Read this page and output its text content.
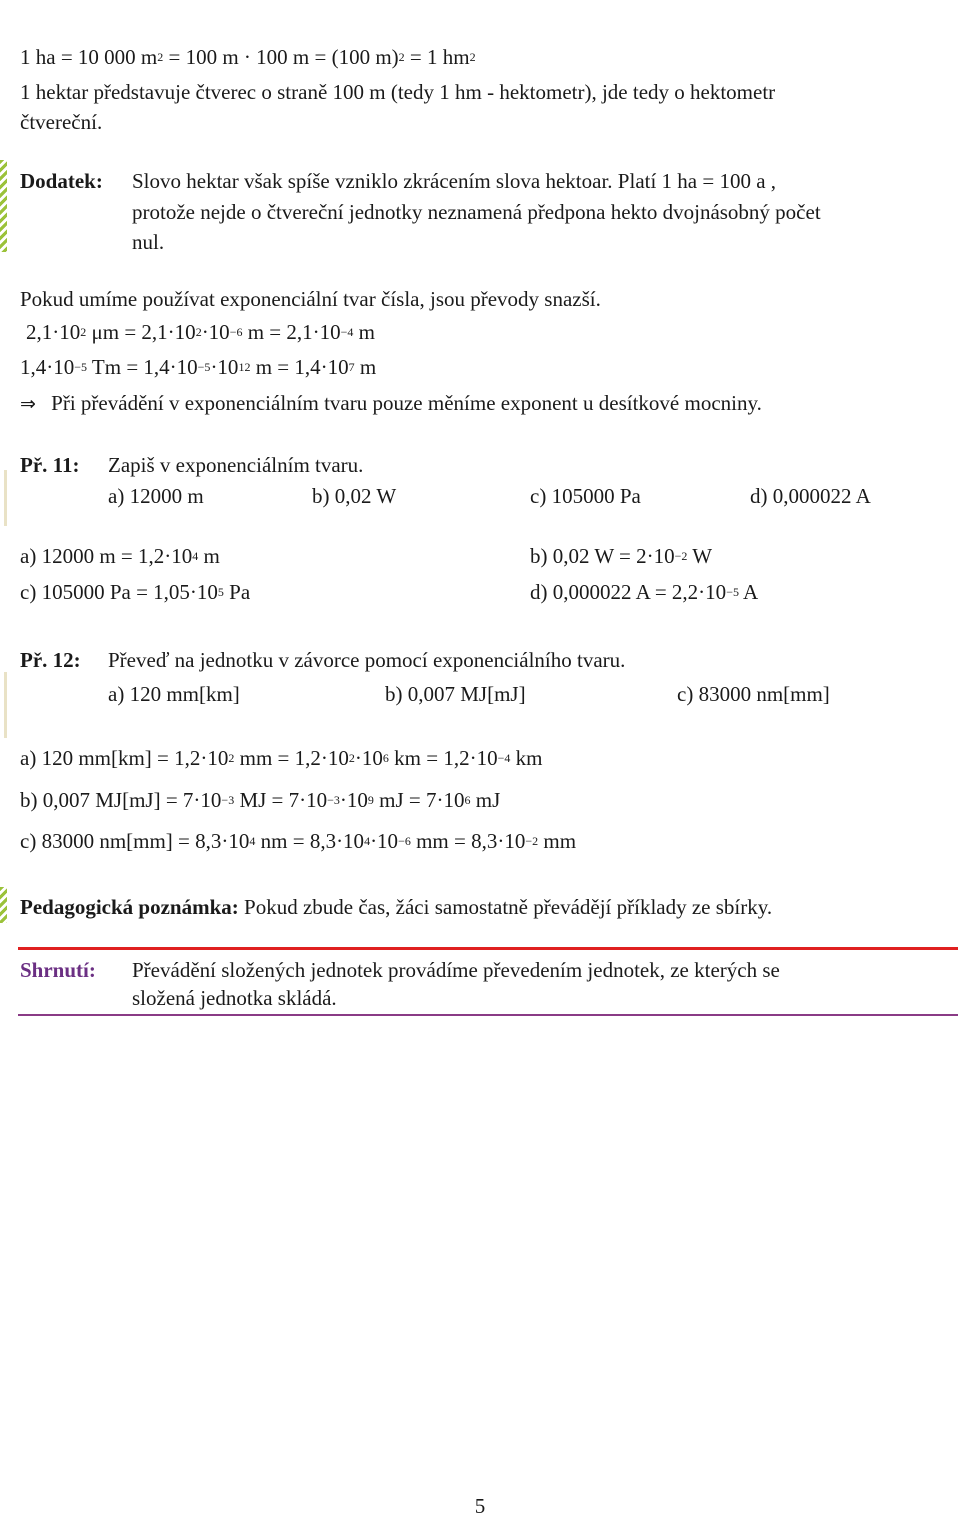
1 ha = 10 000 $m^2 = 100$ m · 100 m = (100 m)$^2$ = 1 $hm^2$
1 hektar představuje čtverec o straně 100 m (tedy 1 hm - hektometr), jde tedy o hektometr
čtvereční.
Dodatek: Slovo hektar však spíše vzniklo zkrácením slova hektoar. Platí 1 ha = 100 a ,
protože nejde o čtvereční jednotky neznamená předpona hekto dvojnásobný počet
nul.
Pokud umíme používat exponenciální tvar čísla, jsou převody snazší.
$2,1\cdot 10^2$ $\mu m = 2,1\cdot 10^2\cdot 10^{-6}$ $m = 2,1\cdot 10^{-4}$ m
$1,4\cdot 10^{-5}$ $Tm = 1,4\cdot 10^{-5}\cdot 10^{12}$ $m = 1,4\cdot 10^7$ m
⇒ Při převádění v exponenciálním tvaru pouze měníme exponent u desítkové mocniny.
Př. 11: Zapiš v exponenciálním tvaru.
a) 12000 m	b) 0,02 W	c) 105000 Pa	d) 0,000022 A
a) 12000 $m = 1,2\cdot 10^4$ m	b) 0,02 $W = 2\cdot 10^{-2}$ W
c) 105000 $Pa = 1,05\cdot 10^5$ Pa	d) 0,000022 $A = 2,2\cdot 10^{-5}$ A
Př. 12: Převeď na jednotku v závorce pomocí exponenciálního tvaru.
a) 120 mm[km]	b) 0,007 MJ[mJ]	c) 83000 nm[mm]
a) 120 $mm[km] = 1,2\cdot 10^2$ mm = $1,2\cdot 10^2\cdot 10^6$ km = $1,2\cdot 10^{-4}$ km
b) 0,007 $MJ[mJ] = 7\cdot 10^{-3}$ MJ = $7\cdot 10^{-3}\cdot 10^9$ mJ = $7\cdot 10^6$ mJ
c) 83000 $nm[mm] = 8,3\cdot 10^4$ nm = $8,3\cdot 10^4\cdot 10^{-6}$ mm = $8,3\cdot 10^{-2}$ mm
Pedagogická poznámka: Pokud zbude čas, žáci samostatně převádějí příklady ze sbírky.
Shrnutí: Převádění složených jednotek provádíme převedením jednotek, ze kterých se
složená jednotka skládá.
5
